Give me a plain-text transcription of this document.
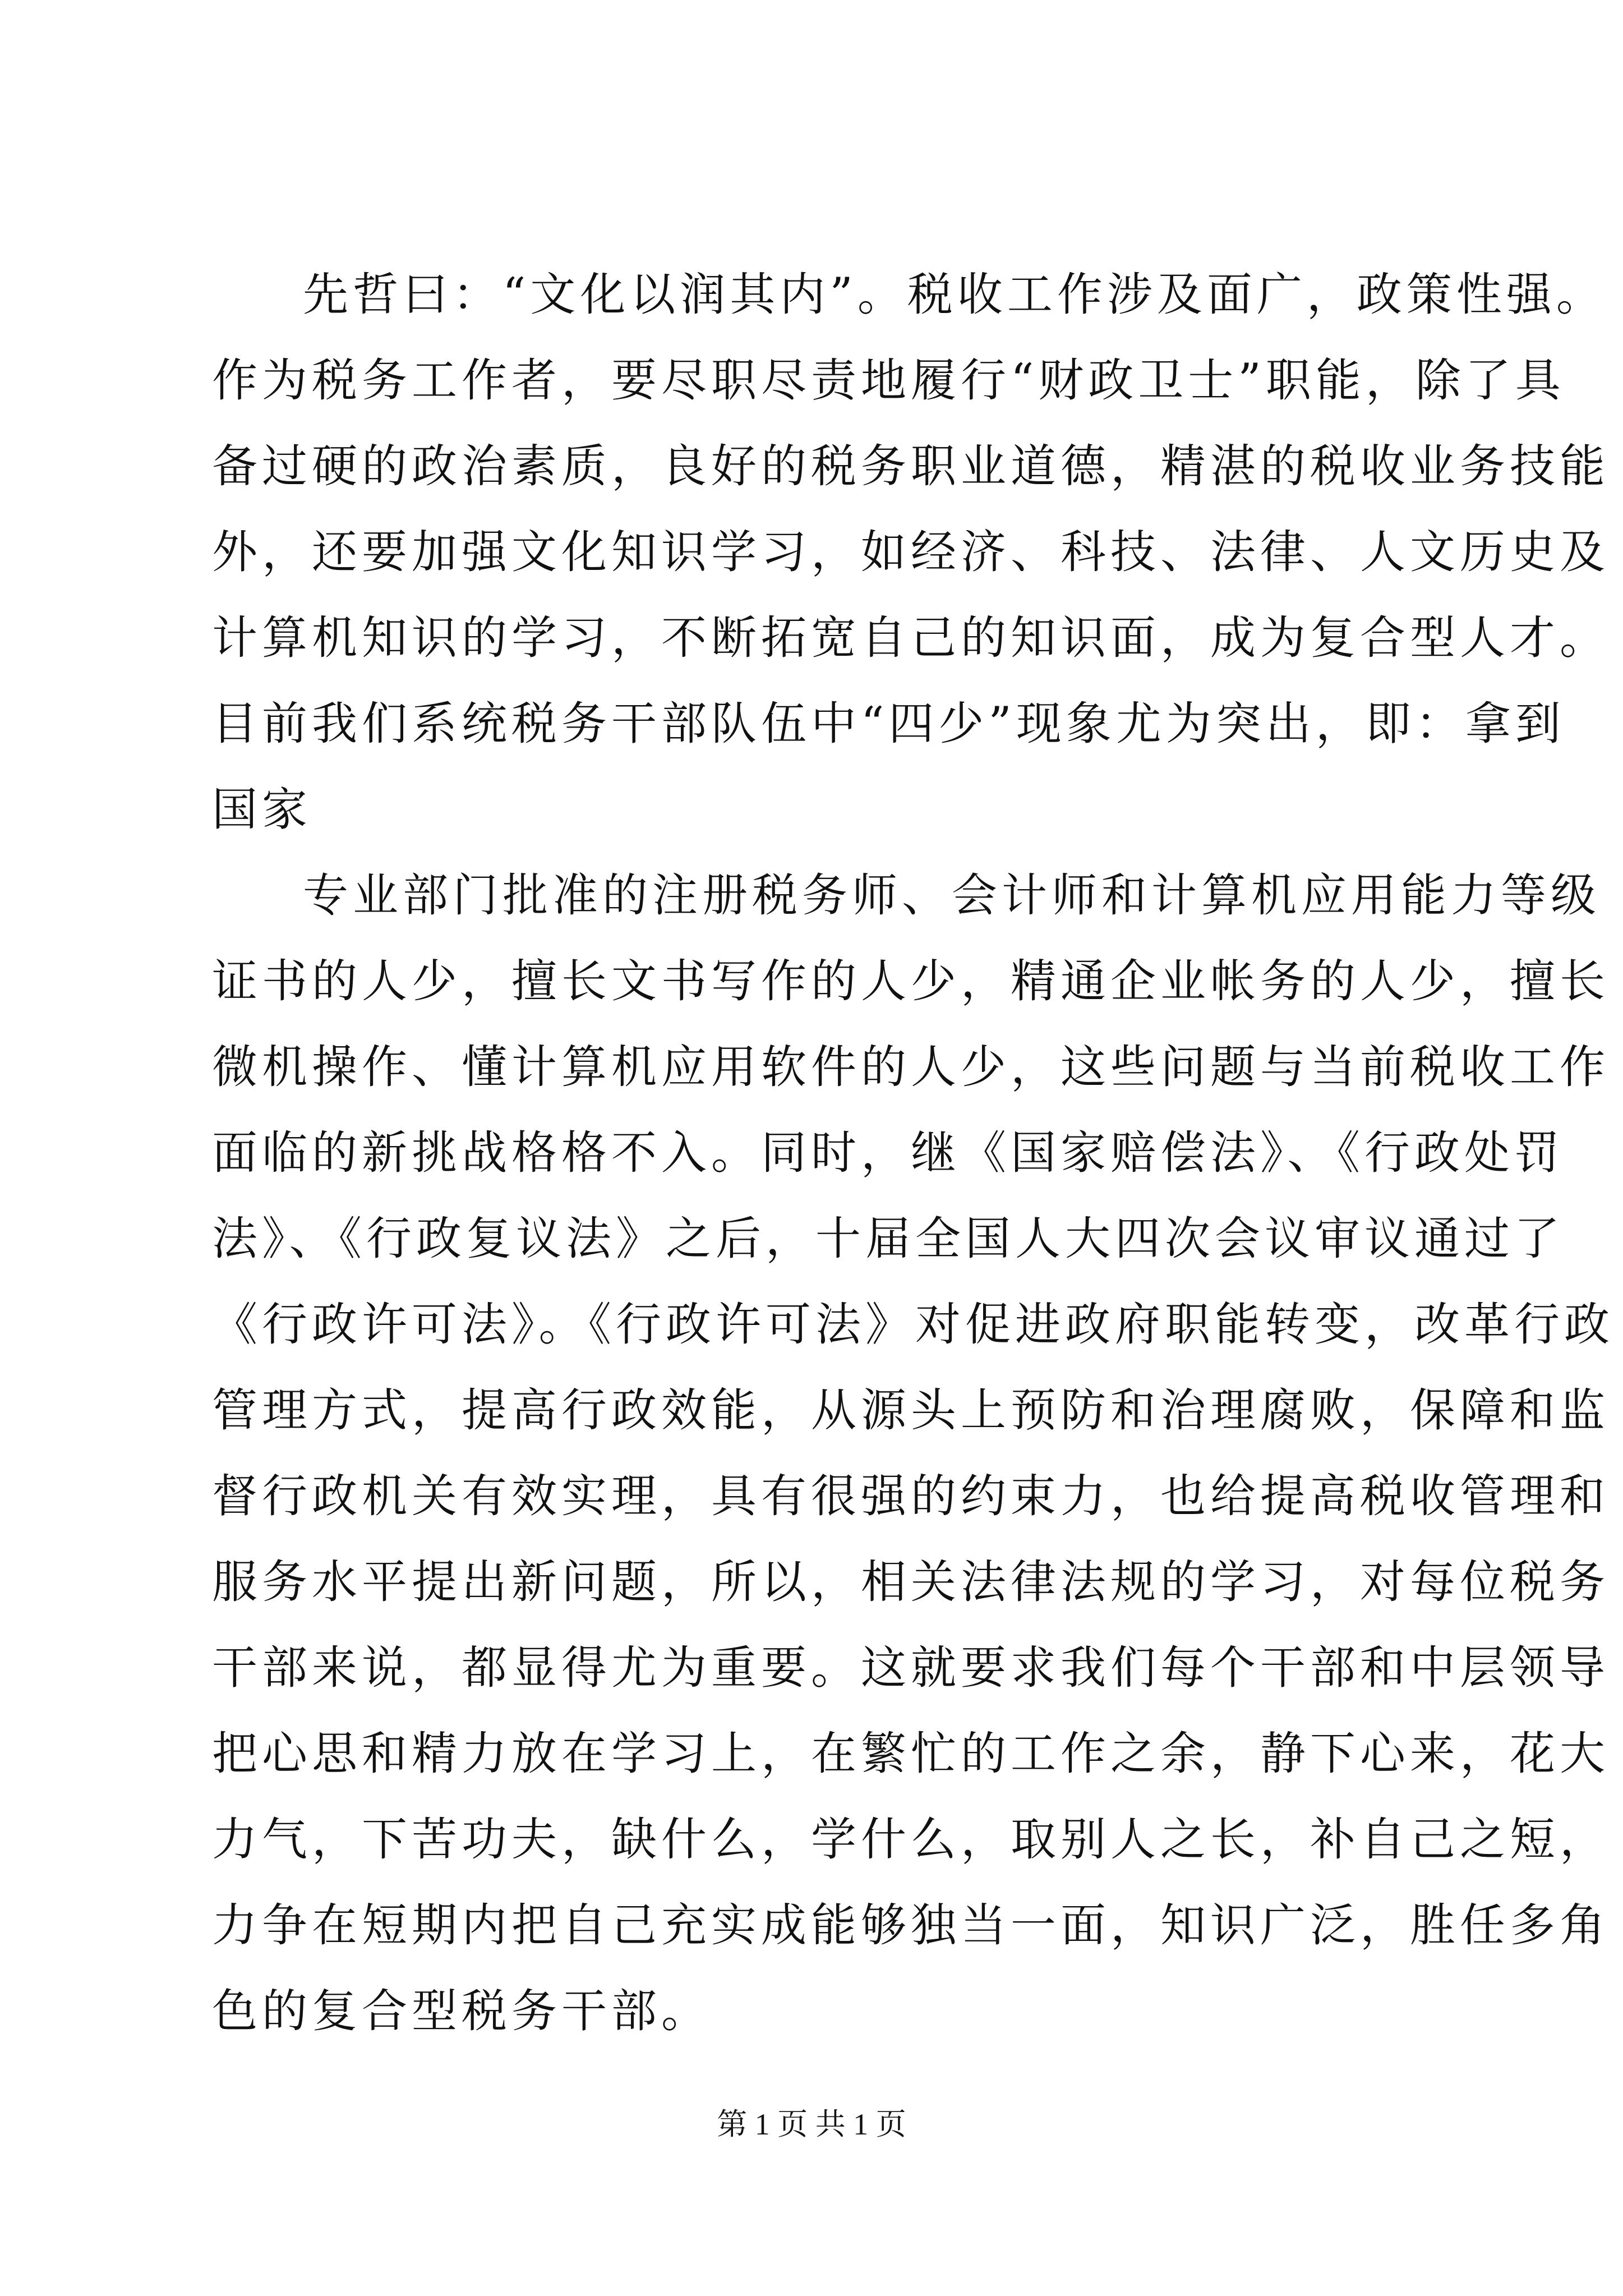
先哲曰：“文化以润其内”。税收工作涉及面广，政策性强。
作为税务工作者，要尽职尽责地履行“财政卫士”职能，除了具
备过硬的政治素质，良好的税务职业道德，精湛的税收业务技能
外，还要加强文化知识学习，如经济、科技、法律、人文历史及
计算机知识的学习，不断拓宽自己的知识面，成为复合型人才。
目前我们系统税务干部队伍中“四少”现象尤为突出，即：拿到
国家
专业部门批准的注册税务师、会计师和计算机应用能力等级
证书的人少，擅长文书写作的人少，精通企业帐务的人少，擅长
微机操作、懂计算机应用软件的人少，这些问题与当前税收工作
面临的新挑战格格不入。同时，继《国家赔偿法》、《行政处罚
法》、《行政复议法》之后，十届全国人大四次会议审议通过了
《行政许可法》。《行政许可法》对促进政府职能转变，改革行政
管理方式，提高行政效能，从源头上预防和治理腐败，保障和监
督行政机关有效实理，具有很强的约束力，也给提高税收管理和
服务水平提出新问题，所以，相关法律法规的学习，对每位税务
干部来说，都显得尤为重要。这就要求我们每个干部和中层领导
把心思和精力放在学习上，在繁忙的工作之余，静下心来，花大
力气，下苦功夫，缺什么，学什么，取别人之长，补自己之短，
力争在短期内把自己充实成能够独当一面，知识广泛，胜任多角
色的复合型税务干部。
第 1 页 共 1 页
